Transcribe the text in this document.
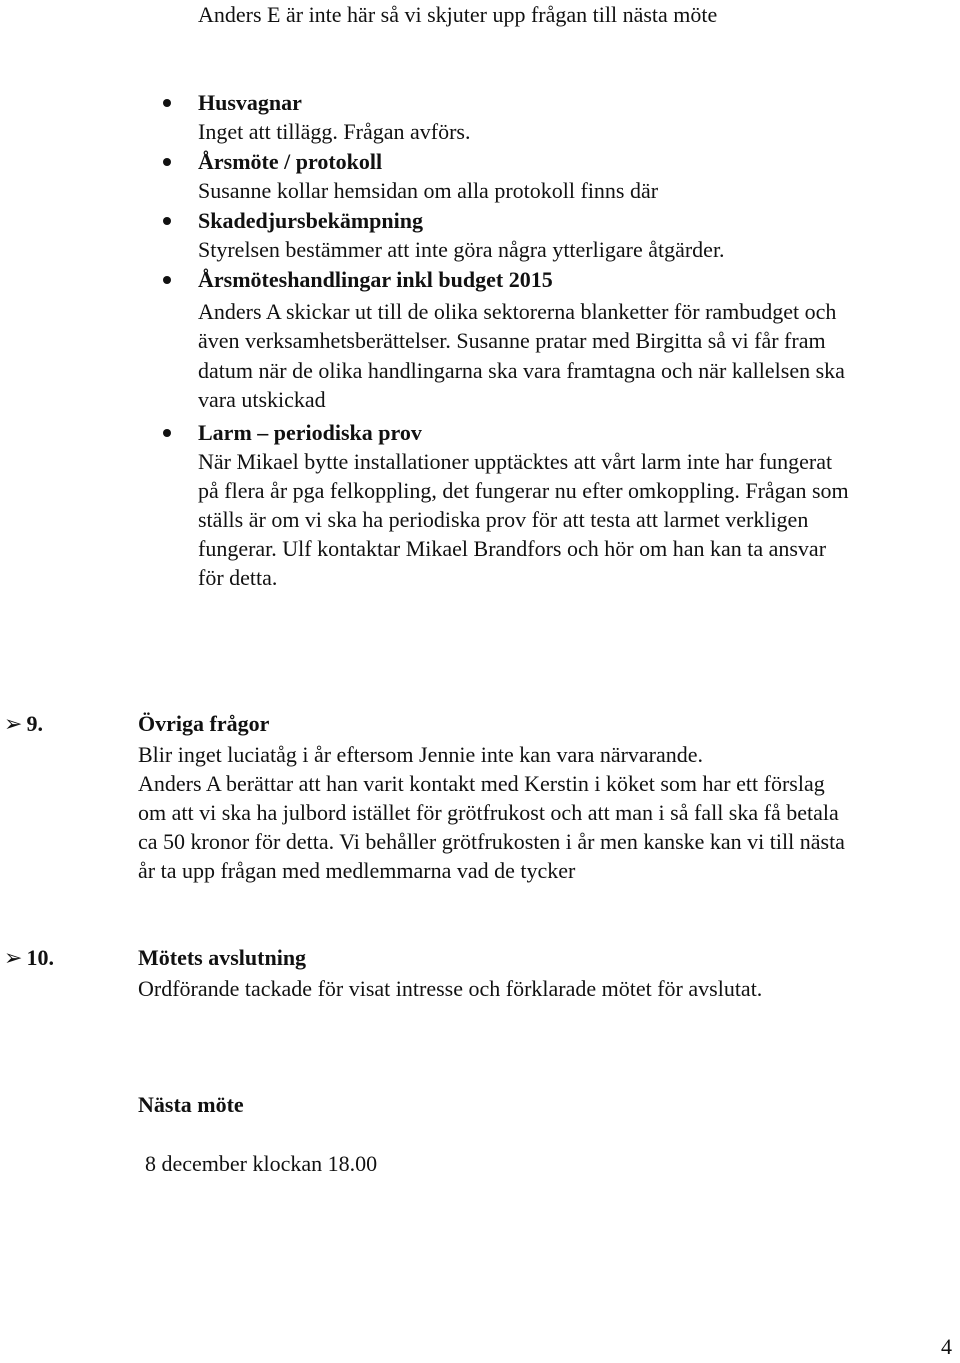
Anders E är inte här så vi skjuter upp frågan till nästa möte

Husvagnar

Inget att tillägg. Frågan avförs.

Årsmöte / protokoll

Susanne kollar hemsidan om alla protokoll finns där

Skadedjursbekämpning

Styrelsen bestämmer att inte göra några ytterligare åtgärder.

Årsmöteshandlingar inkl budget 2015

Anders A skickar ut till de olika sektorerna blanketter för rambudget och

även verksamhetsberättelser. Susanne pratar med Birgitta så vi får fram

datum när de olika handlingarna ska vara framtagna och när kallelsen ska

vara utskickad

Larm – periodiska prov

När Mikael bytte installationer upptäcktes att vårt larm inte har fungerat

på flera år pga felkoppling, det fungerar nu efter omkoppling. Frågan som

ställs är om vi ska ha periodiska prov för att testa att larmet verkligen

fungerar. Ulf kontaktar Mikael Brandfors och hör om han kan ta ansvar

för detta.

➢ 9.	Övriga frågor

Blir inget luciatåg i år eftersom Jennie inte kan vara närvarande.

Anders A berättar att han varit kontakt med Kerstin i köket som har ett förslag

om att vi ska ha julbord istället för grötfrukost och att man i så fall ska få betala

ca 50 kronor för detta. Vi behåller grötfrukosten i år men kanske kan vi till nästa

år ta upp frågan med medlemmarna vad de tycker

➢ 10.	Mötets avslutning

Ordförande tackade för visat intresse och förklarade mötet för avslutat.

Nästa möte

8 december klockan 18.00

4
